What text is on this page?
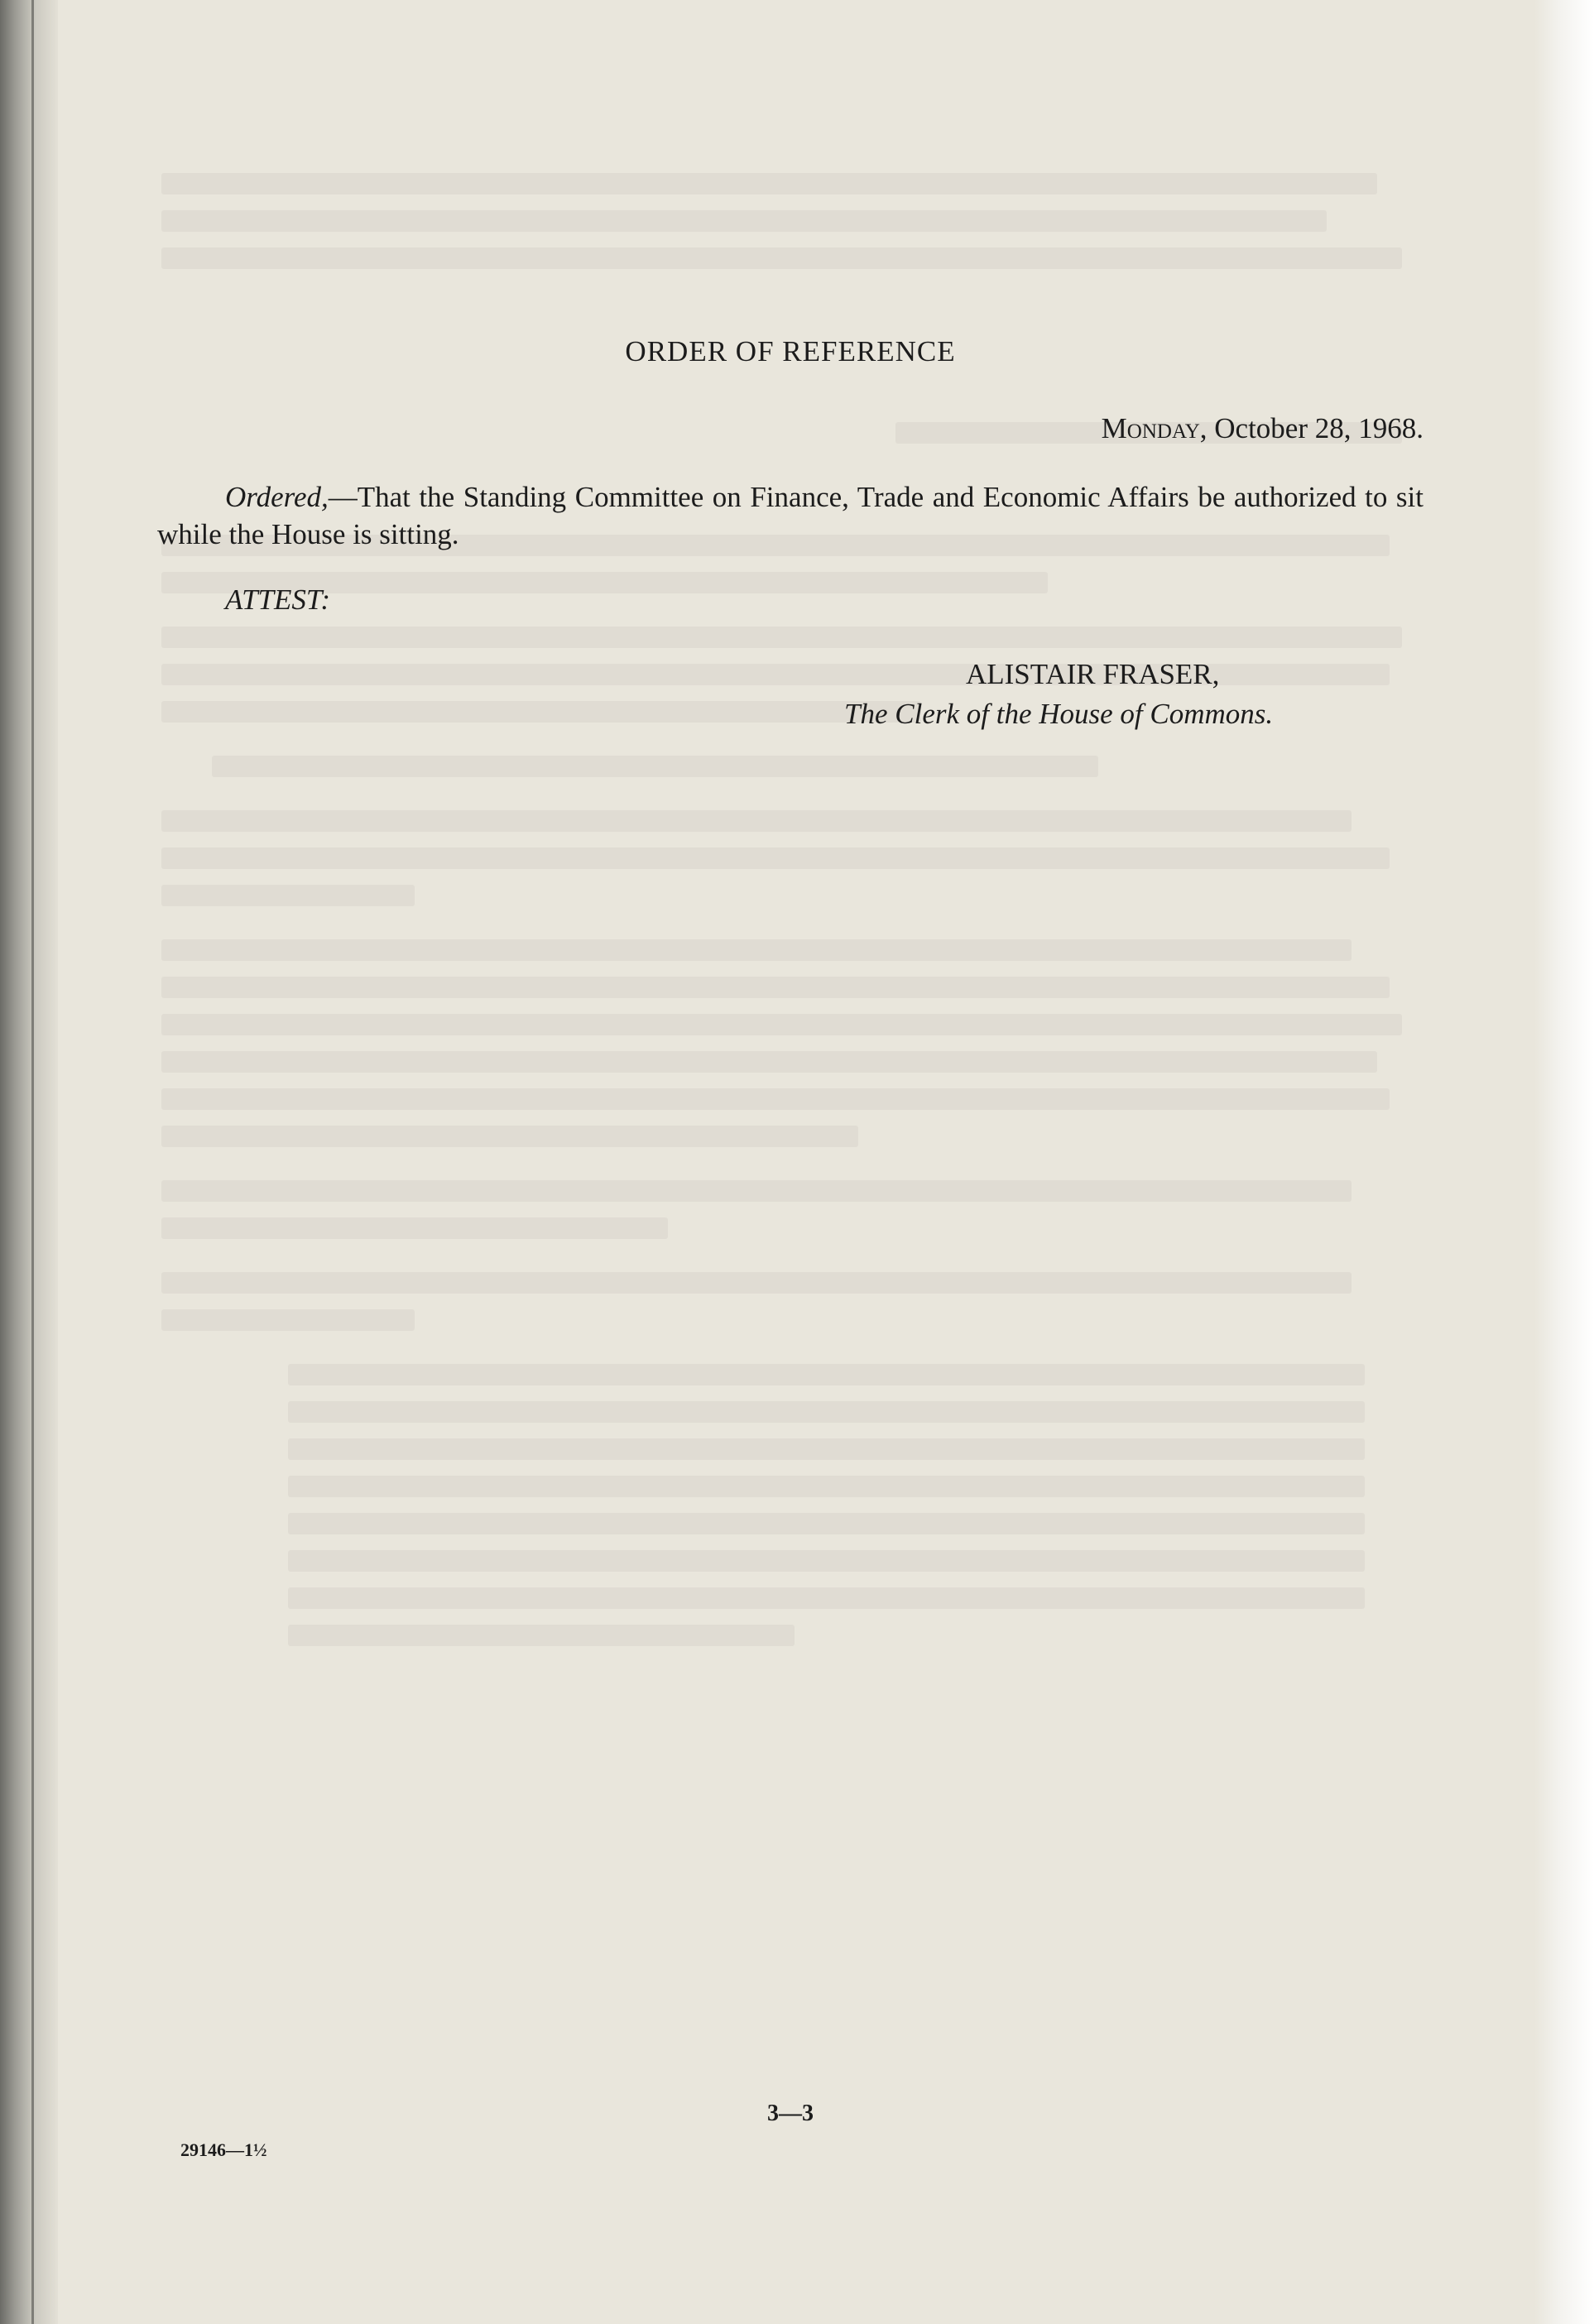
ORDER OF REFERENCE
Monday, October 28, 1968.
Ordered,—That the Standing Committee on Finance, Trade and Economic Affairs be authorized to sit while the House is sitting.
ATTEST:
ALISTAIR FRASER,
The Clerk of the House of Commons.
3—3
29146—1½
